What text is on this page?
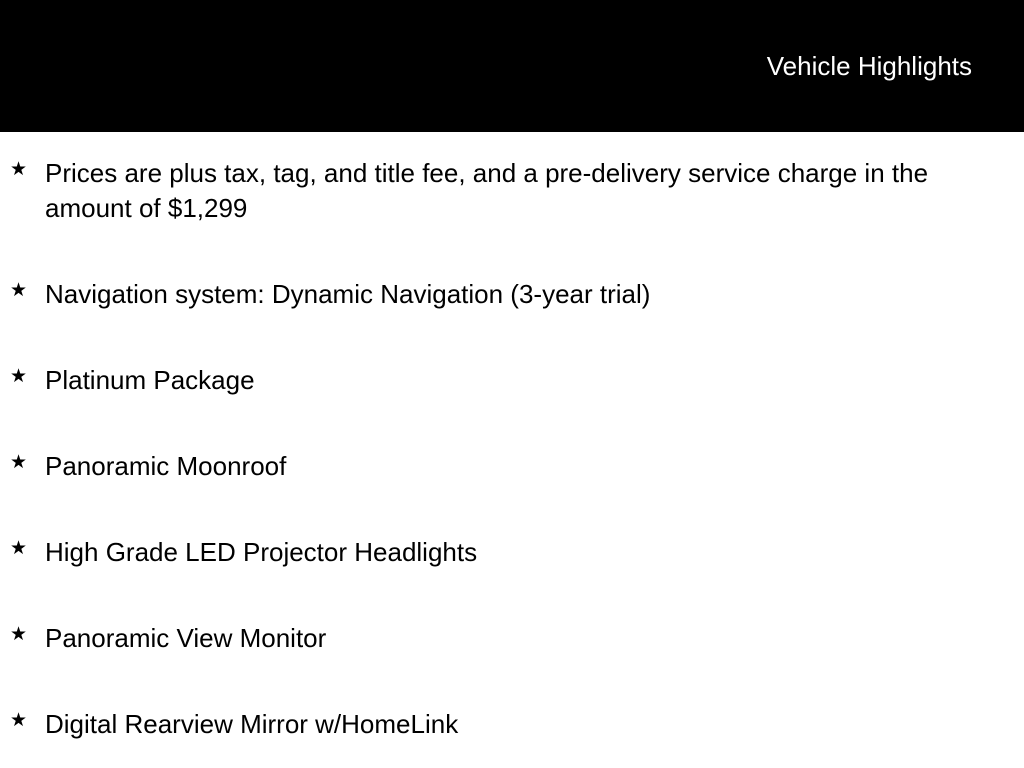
Vehicle Highlights
★ Prices are plus tax, tag, and title fee, and a pre-delivery service charge in the amount of $1,299
★ Navigation system: Dynamic Navigation (3-year trial)
★ Platinum Package
★ Panoramic Moonroof
★ High Grade LED Projector Headlights
★ Panoramic View Monitor
★ Digital Rearview Mirror w/HomeLink
